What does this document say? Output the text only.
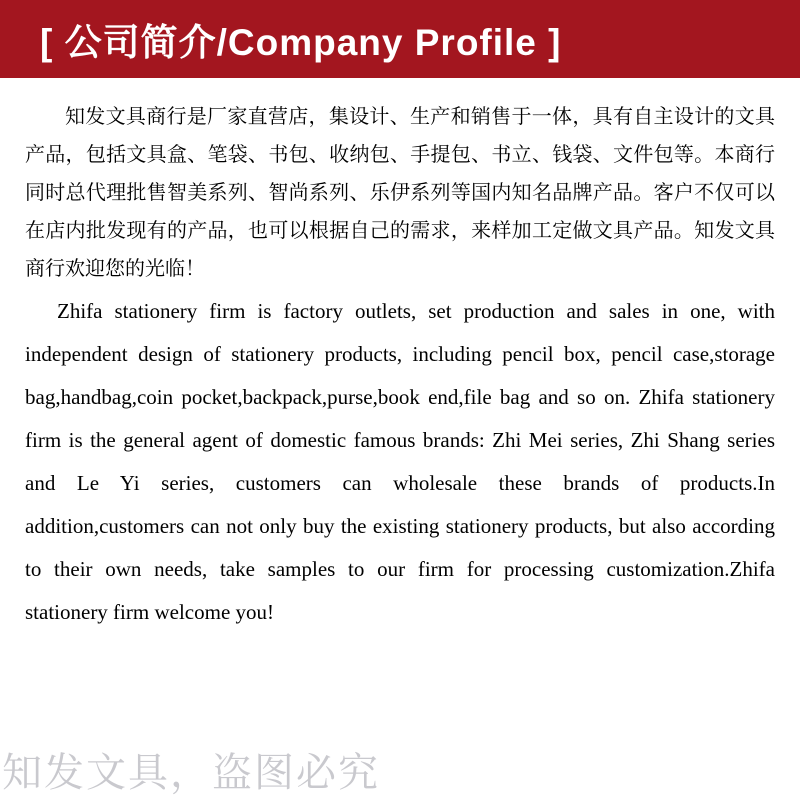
[ 公司简介/Company Profile ]

知发文具商行是厂家直营店，集设计、生产和销售于一体，具有自主设计的文具产品，包括文具盒、笔袋、书包、收纳包、手提包、书立、钱袋、文件包等。本商行同时总代理批售智美系列、智尚系列、乐伊系列等国内知名品牌产品。客户不仅可以在店内批发现有的产品，也可以根据自己的需求，来样加工定做文具产品。知发文具商行欢迎您的光临！

Zhifa stationery firm is factory outlets, set production and sales in one, with independent design of stationery products, including pencil box, pencil case,storage bag,handbag,coin pocket,backpack,purse,book end,file bag and so on. Zhifa stationery firm is the general agent of domestic famous brands: Zhi Mei series, Zhi Shang series and Le Yi series, customers can wholesale these brands of products.In addition,customers can not only buy the existing stationery products, but also according to their own needs, take samples to our firm for processing customization.Zhifa stationery firm welcome you!

知发文具，盗图必究
